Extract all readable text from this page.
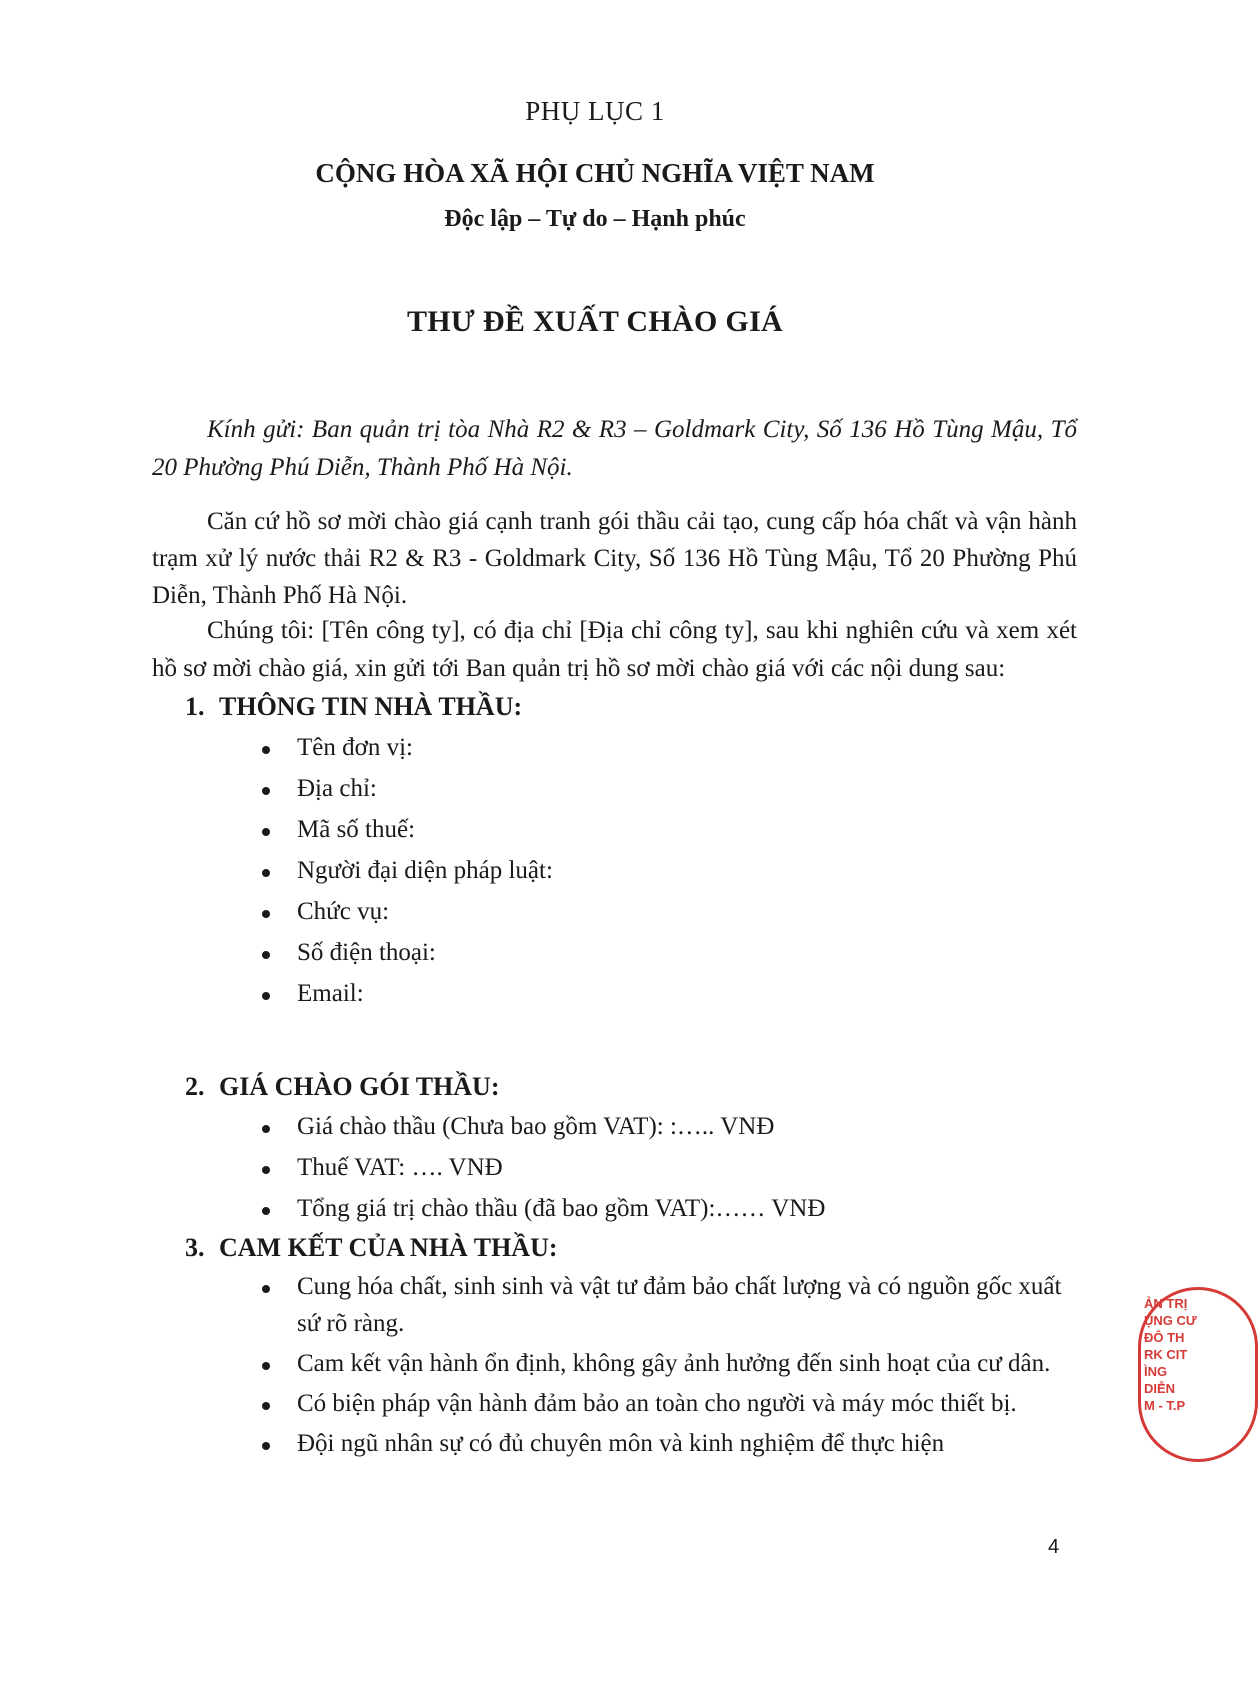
PHỤ LỤC 1
CỘNG HÒA XÃ HỘI CHỦ NGHĨA VIỆT NAM
Độc lập – Tự do – Hạnh phúc
THƯ ĐỀ XUẤT CHÀO GIÁ

Kính gửi: Ban quản trị tòa Nhà R2 & R3 – Goldmark City, Số 136 Hồ Tùng Mậu, Tổ 20 Phường Phú Diễn, Thành Phố Hà Nội.

Căn cứ hồ sơ mời chào giá cạnh tranh gói thầu cải tạo, cung cấp hóa chất và vận hành trạm xử lý nước thải R2 & R3 - Goldmark City, Số 136 Hồ Tùng Mậu, Tổ 20 Phường Phú Diễn, Thành Phố Hà Nội.

Chúng tôi: [Tên công ty], có địa chỉ [Địa chỉ công ty], sau khi nghiên cứu và xem xét hồ sơ mời chào giá, xin gửi tới Ban quản trị hồ sơ mời chào giá với các nội dung sau:

1. THÔNG TIN NHÀ THẦU:
Tên đơn vị:
Địa chỉ:
Mã số thuế:
Người đại diện pháp luật:
Chức vụ:
Số điện thoại:
Email:
2. GIÁ CHÀO GÓI THẦU:
Giá chào thầu (Chưa bao gồm VAT): :….. VNĐ
Thuế VAT: …. VNĐ
Tổng giá trị chào thầu (đã bao gồm VAT):…… VNĐ
3. CAM KẾT CỦA NHÀ THẦU:
Cung hóa chất, sinh sinh và vật tư đảm bảo chất lượng và có nguồn gốc xuất sứ rõ ràng.
Cam kết vận hành ổn định, không gây ảnh hưởng đến sinh hoạt của cư dân.
Có biện pháp vận hành đảm bảo an toàn cho người và máy móc thiết bị.
Đội ngũ nhân sự có đủ chuyên môn và kinh nghiệm để thực hiện
4
ẢN TRỊ
ỤNG CƯ
ĐÔ TH
RK CIT
ÌNG
DIỄN
M - T.P
